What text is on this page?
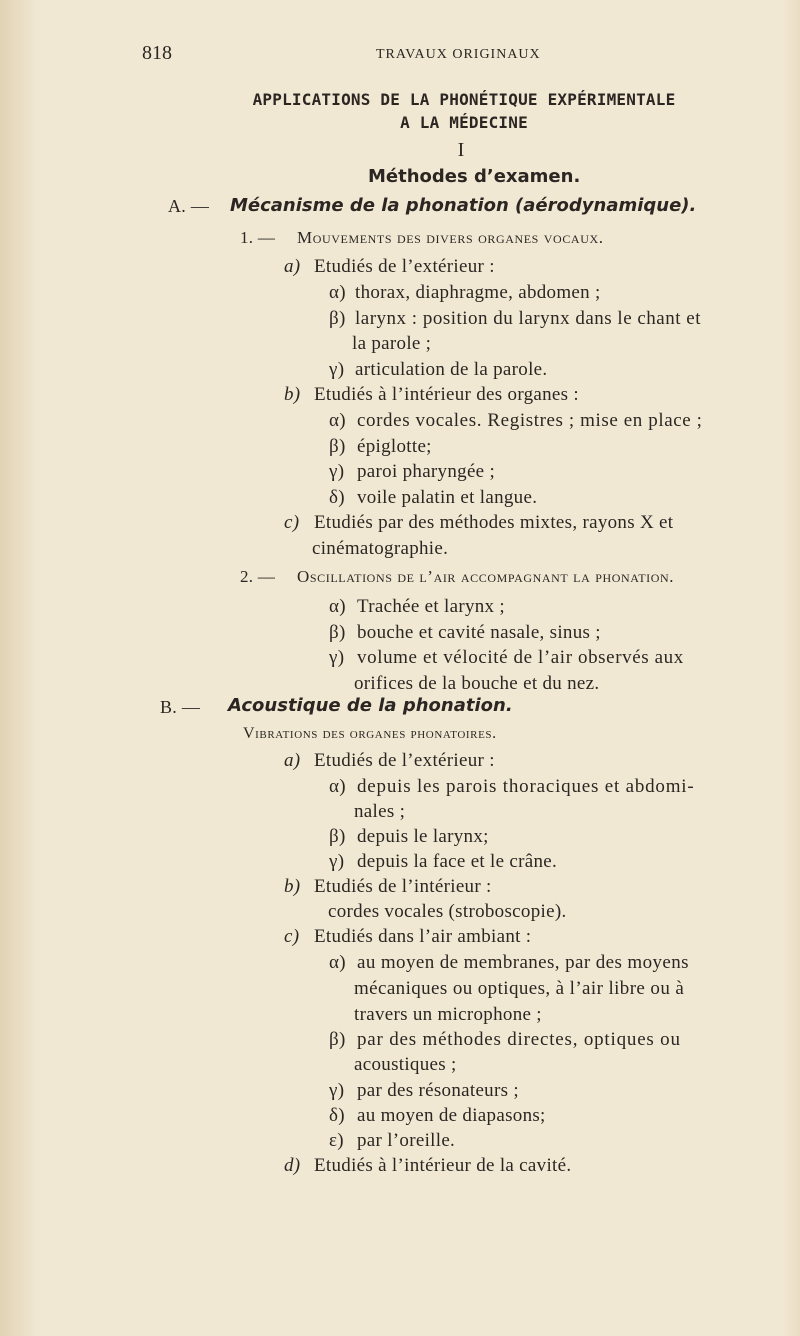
818	TRAVAUX ORIGINAUX
APPLICATIONS DE LA PHONÉTIQUE EXPÉRIMENTALE
A LA MÉDECINE
I
Méthodes d’examen.
A. — Mécanisme de la phonation (aérodynamique).
1. — Mouvements des divers organes vocaux.
a) Etudiés de l’extérieur :
α) thorax, diaphragme, abdomen ;
β) larynx : position du larynx dans le chant et
la parole ;
γ) articulation de la parole.
b) Etudiés à l’intérieur des organes :
α) cordes vocales. Registres ; mise en place ;
β) épiglotte;
γ) paroi pharyngée ;
δ) voile palatin et langue.
c) Etudiés par des méthodes mixtes, rayons X et
cinématographie.
2. — Oscillations de l’air accompagnant la phonation.
α) Trachée et larynx ;
β) bouche et cavité nasale, sinus ;
γ) volume et vélocité de l’air observés aux
orifices de la bouche et du nez.
B. — Acoustique de la phonation.
Vibrations des organes phonatoires.
a) Etudiés de l’extérieur :
α) depuis les parois thoraciques et abdomi-
nales ;
β) depuis le larynx;
γ) depuis la face et le crâne.
b) Etudiés de l’intérieur :
cordes vocales (stroboscopie).
c) Etudiés dans l’air ambiant :
α) au moyen de membranes, par des moyens
mécaniques ou optiques, à l’air libre ou à
travers un microphone ;
β) par des méthodes directes, optiques ou
acoustiques ;
γ) par des résonateurs ;
δ) au moyen de diapasons;
ε) par l’oreille.
d) Etudiés à l’intérieur de la cavité.
